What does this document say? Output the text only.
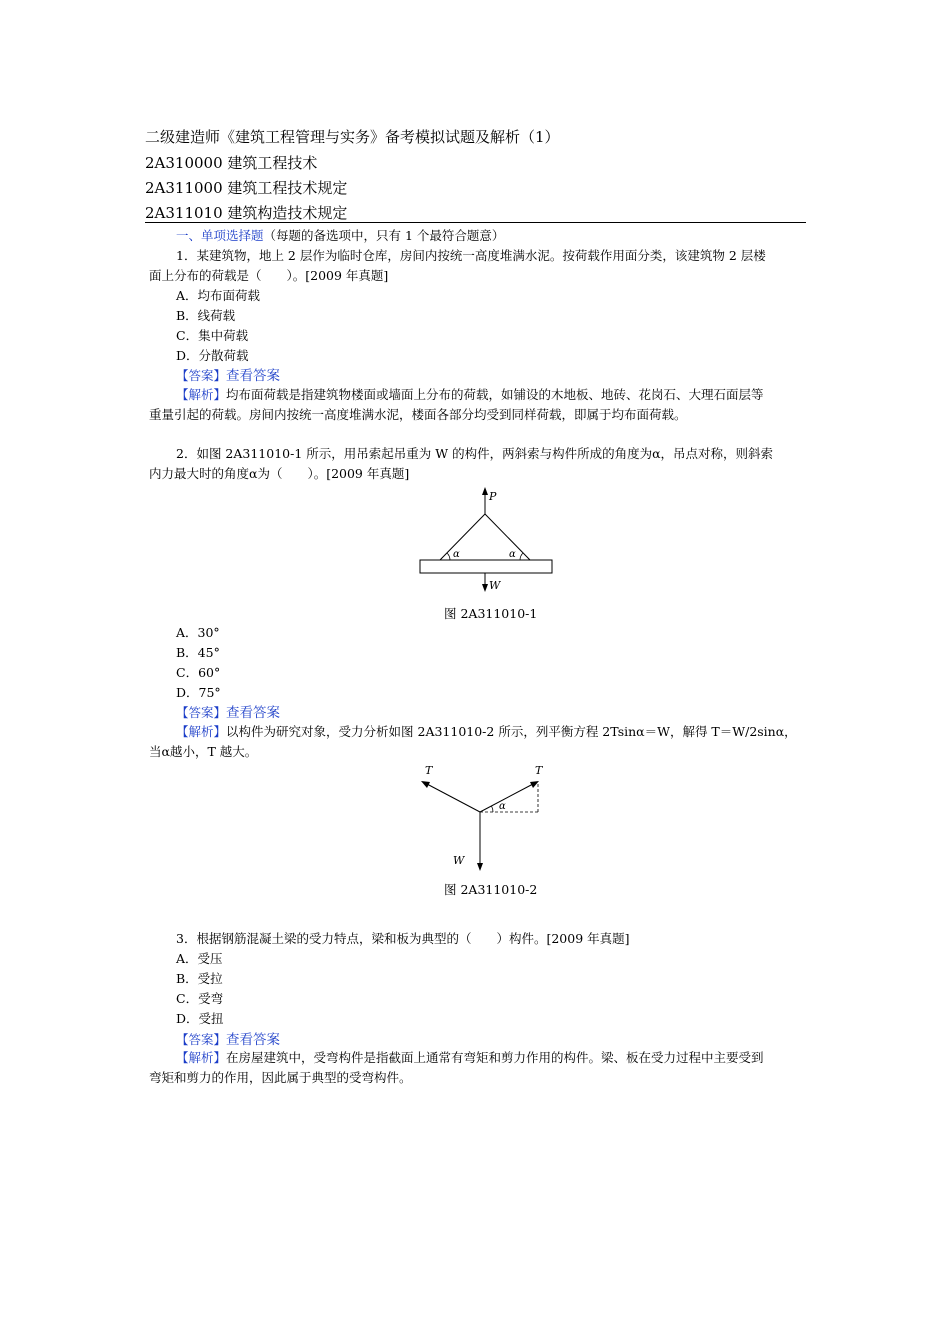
二级建造师《建筑工程管理与实务》备考模拟试题及解析（1）
2A310000 建筑工程技术
2A311000 建筑工程技术规定
2A311010 建筑构造技术规定
一、单项选择题（每题的备选项中，只有 1 个最符合题意）
1．某建筑物，地上 2 层作为临时仓库，房间内按统一高度堆满水泥。按荷载作用面分类，该建筑物 2 层楼
面上分布的荷载是（　　）。[2009 年真题]
A．均布面荷载
B．线荷载
C．集中荷载
D．分散荷载
【答案】查看答案
【解析】均布面荷载是指建筑物楼面或墙面上分布的荷载，如铺设的木地板、地砖、花岗石、大理石面层等
重量引起的荷载。房间内按统一高度堆满水泥，楼面各部分均受到同样荷载，即属于均布面荷载。
2．如图 2A311010-1 所示，用吊索起吊重为 W 的构件，两斜索与构件所成的角度为α，吊点对称，则斜索
内力最大时的角度α为（　　）。[2009 年真题]
P
α	α
W
图 2A311010-1
A．30°
B．45°
C．60°
D．75°
【答案】查看答案
【解析】以构件为研究对象，受力分析如图 2A311010-2 所示，列平衡方程 2Tsinα＝W，解得 T＝W/2sinα，
当α越小，T 越大。
T	T
α
W
图 2A311010-2
3．根据钢筋混凝土梁的受力特点，梁和板为典型的（　　）构件。[2009 年真题]
A．受压
B．受拉
C．受弯
D．受扭
【答案】查看答案
【解析】在房屋建筑中，受弯构件是指截面上通常有弯矩和剪力作用的构件。梁、板在受力过程中主要受到
弯矩和剪力的作用，因此属于典型的受弯构件。
